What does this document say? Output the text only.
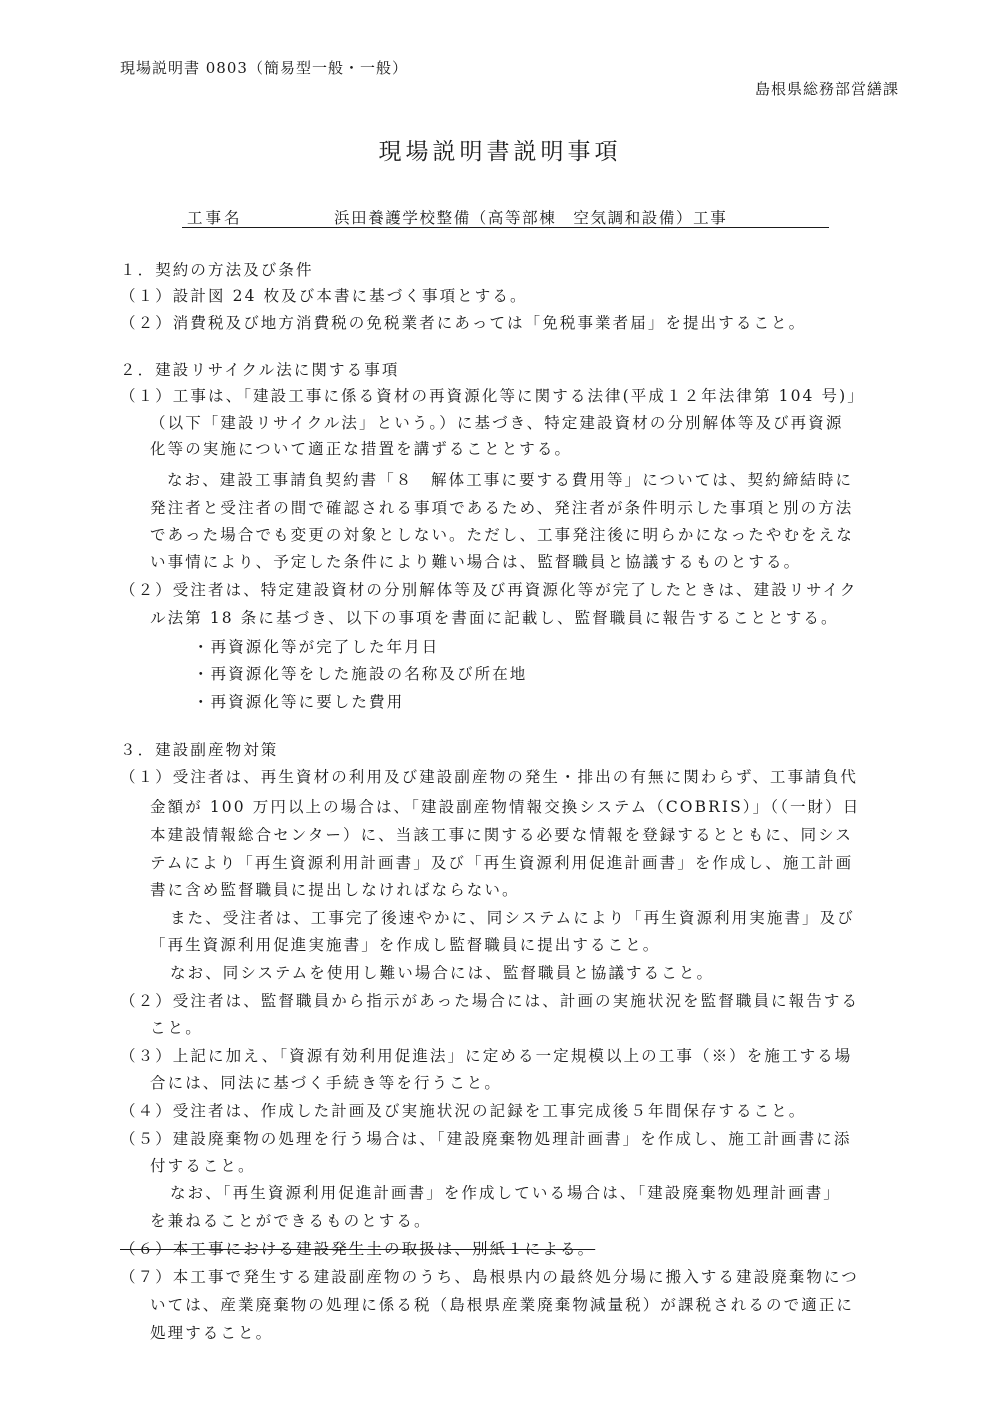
現場説明書 0803（簡易型一般・一般）
島根県総務部営繕課
現場説明書説明事項
工事名	浜田養護学校整備（高等部棟　空気調和設備）工事
１．契約の方法及び条件
（１）設計図 24 枚及び本書に基づく事項とする。
（２）消費税及び地方消費税の免税業者にあっては「免税事業者届」を提出すること。
２．建設リサイクル法に関する事項
（１）工事は、「建設工事に係る資材の再資源化等に関する法律(平成１２年法律第 104 号)」
（以下「建設リサイクル法」という。）に基づき、特定建設資材の分別解体等及び再資源
化等の実施について適正な措置を講ずることとする。
なお、建設工事請負契約書「８　解体工事に要する費用等」については、契約締結時に
発注者と受注者の間で確認される事項であるため、発注者が条件明示した事項と別の方法
であった場合でも変更の対象としない。ただし、工事発注後に明らかになったやむをえな
い事情により、予定した条件により難い場合は、監督職員と協議するものとする。
（２）受注者は、特定建設資材の分別解体等及び再資源化等が完了したときは、建設リサイク
ル法第 18 条に基づき、以下の事項を書面に記載し、監督職員に報告することとする。
・再資源化等が完了した年月日
・再資源化等をした施設の名称及び所在地
・再資源化等に要した費用
３．建設副産物対策
（１）受注者は、再生資材の利用及び建設副産物の発生・排出の有無に関わらず、工事請負代
金額が 100 万円以上の場合は、「建設副産物情報交換システム（COBRIS）」（（一財）日
本建設情報総合センター）に、当該工事に関する必要な情報を登録するとともに、同シス
テムにより「再生資源利用計画書」及び「再生資源利用促進計画書」を作成し、施工計画
書に含め監督職員に提出しなければならない。
また、受注者は、工事完了後速やかに、同システムにより「再生資源利用実施書」及び
「再生資源利用促進実施書」を作成し監督職員に提出すること。
なお、同システムを使用し難い場合には、監督職員と協議すること。
（２）受注者は、監督職員から指示があった場合には、計画の実施状況を監督職員に報告する
こと。
（３）上記に加え、「資源有効利用促進法」に定める一定規模以上の工事（※）を施工する場
合には、同法に基づく手続き等を行うこと。
（４）受注者は、作成した計画及び実施状況の記録を工事完成後５年間保存すること。
（５）建設廃棄物の処理を行う場合は、「建設廃棄物処理計画書」を作成し、施工計画書に添
付すること。
なお、「再生資源利用促進計画書」を作成している場合は、「建設廃棄物処理計画書」
を兼ねることができるものとする。
（６）本工事における建設発生土の取扱は、別紙１による。
（７）本工事で発生する建設副産物のうち、島根県内の最終処分場に搬入する建設廃棄物につ
いては、産業廃棄物の処理に係る税（島根県産業廃棄物減量税）が課税されるので適正に
処理すること。
